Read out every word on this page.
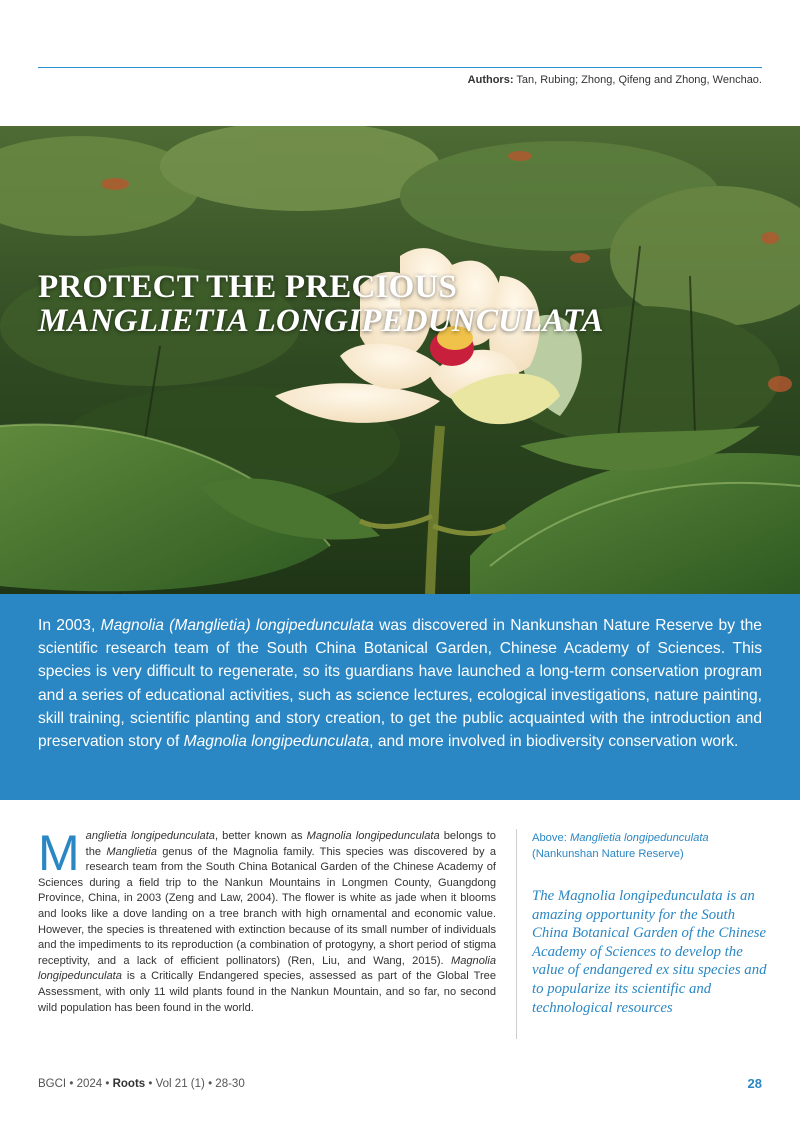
Authors: Tan, Rubing; Zhong, Qifeng and Zhong, Wenchao.
PROTECT THE PRECIOUS
MANGLIETIA LONGIPEDUNCULATA

In 2003, Magnolia (Manglietia) longipedunculata was discovered in Nankunshan Nature Reserve by the scientific research team of the South China Botanical Garden, Chinese Academy of Sciences. This species is very difficult to regenerate, so its guardians have launched a long-term conservation program and a series of educational activities, such as science lectures, ecological investigations, nature painting, skill training, scientific planting and story creation, to get the public acquainted with the introduction and preservation story of Magnolia longipedunculata, and more involved in biodiversity conservation work.

Manglietia longipedunculata, better known as Magnolia longipedunculata belongs to the Manglietia genus of the Magnolia family. This species was discovered by a research team from the South China Botanical Garden of the Chinese Academy of Sciences during a field trip to the Nankun Mountains in Longmen County, Guangdong Province, China, in 2003 (Zeng and Law, 2004). The flower is white as jade when it blooms and looks like a dove landing on a tree branch with high ornamental and economic value. However, the species is threatened with extinction because of its small number of individuals and the impediments to its reproduction (a combination of protogyny, a short period of stigma receptivity, and a lack of efficient pollinators) (Ren, Liu, and Wang, 2015). Magnolia longipedunculata is a Critically Endangered species, assessed as part of the Global Tree Assessment, with only 11 wild plants found in the Nankun Mountain, and so far, no second wild population has been found in the world.
Above: Manglietia longipedunculata
(Nankunshan Nature Reserve)
The Magnolia longipedunculata is an amazing opportunity for the South China Botanical Garden of the Chinese Academy of Sciences to develop the value of endangered ex situ species and to popularize its scientific and technological resources
BGCI • 2024 • Roots • Vol 21 (1) • 28-30	28
